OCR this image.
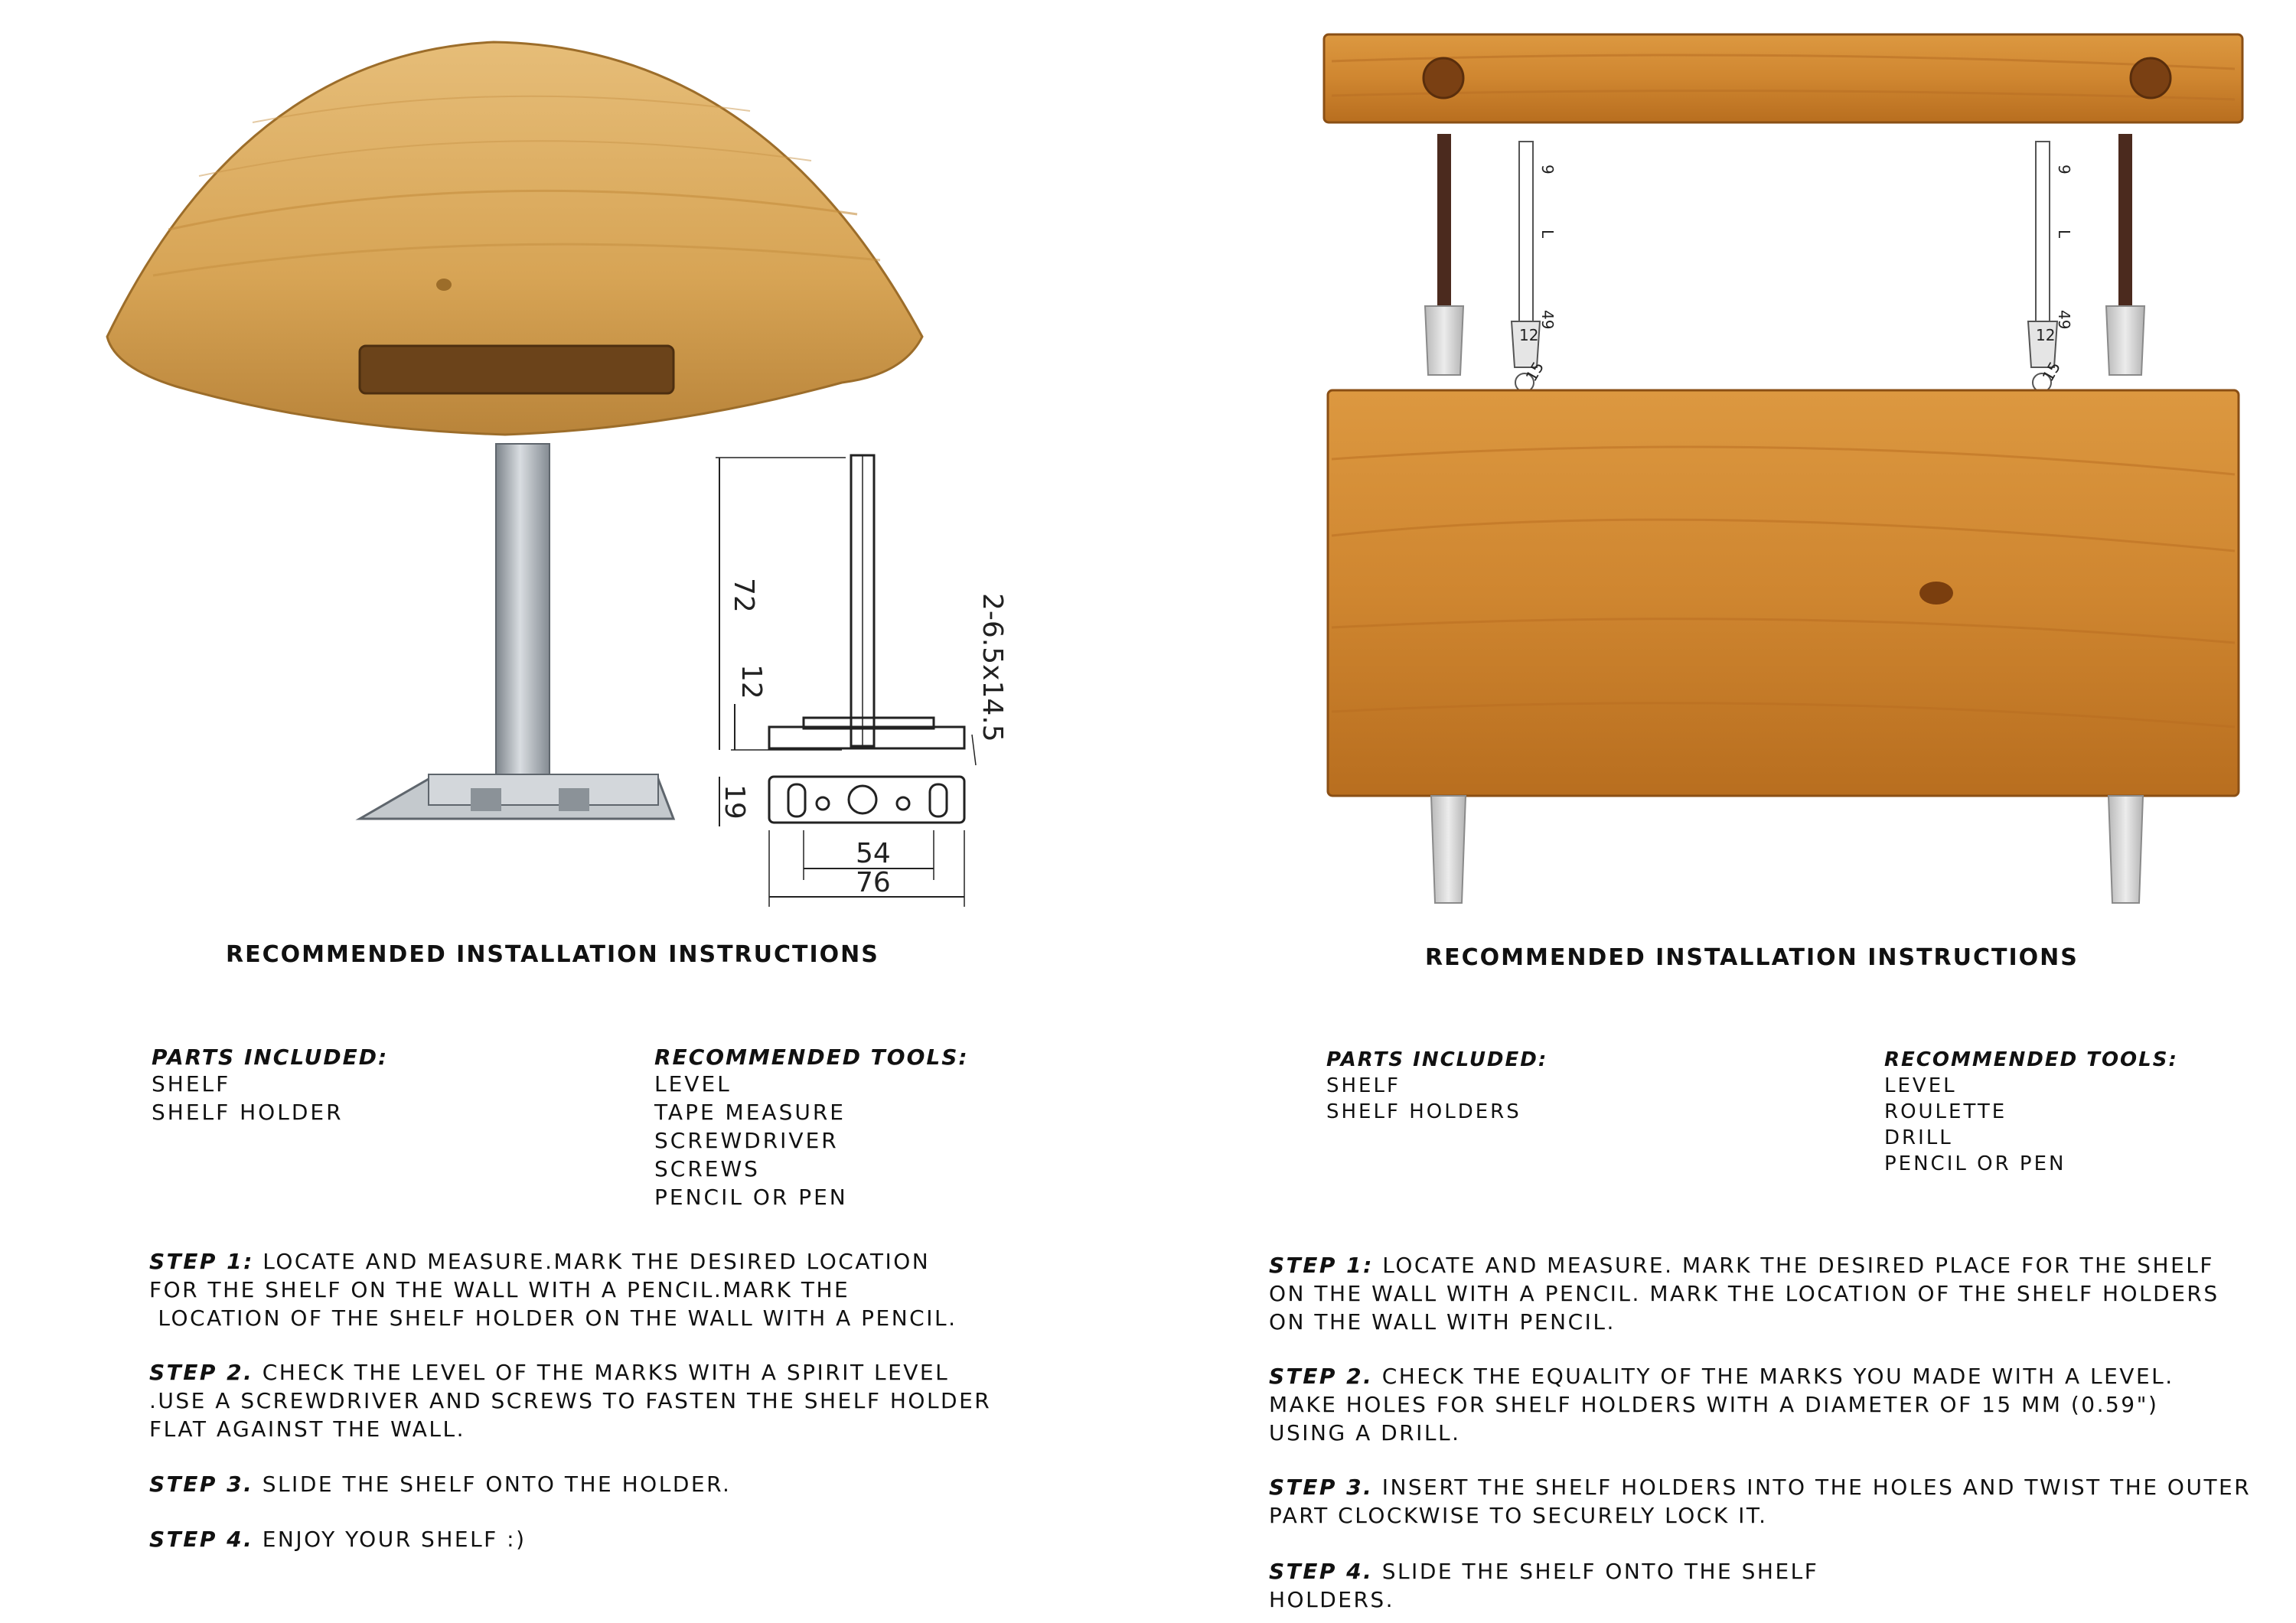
72
12
19
54
76
2-6.5x14.5
9
L
49
12
15
9
L
49
12
15
RECOMMENDED INSTALLATION INSTRUCTIONS
PARTS INCLUDED:
SHELF
SHELF HOLDER
RECOMMENDED TOOLS:
LEVEL
TAPE MEASURE
SCREWDRIVER
SCREWS
PENCIL OR PEN
STEP 1: LOCATE AND MEASURE.MARK THE DESIRED LOCATION
FOR THE SHELF ON THE WALL WITH A PENCIL.MARK THE
LOCATION OF THE SHELF HOLDER ON THE WALL WITH A PENCIL.
STEP 2. CHECK THE LEVEL OF THE MARKS WITH A SPIRIT LEVEL
.USE A SCREWDRIVER AND SCREWS TO FASTEN THE SHELF HOLDER
FLAT AGAINST THE WALL.
STEP 3. SLIDE THE SHELF ONTO THE HOLDER.
STEP 4. ENJOY YOUR SHELF :)
RECOMMENDED INSTALLATION INSTRUCTIONS
PARTS INCLUDED:
SHELF
SHELF HOLDERS
RECOMMENDED TOOLS:
LEVEL
ROULETTE
DRILL
PENCIL OR PEN
STEP 1: LOCATE AND MEASURE. MARK THE DESIRED PLACE FOR THE SHELF
ON THE WALL WITH A PENCIL. MARK THE LOCATION OF THE SHELF HOLDERS
ON THE WALL WITH PENCIL.
STEP 2. CHECK THE EQUALITY OF THE MARKS YOU MADE WITH A LEVEL.
MAKE HOLES FOR SHELF HOLDERS WITH A DIAMETER OF 15 MM (0.59")
USING A DRILL.
STEP 3. INSERT THE SHELF HOLDERS INTO THE HOLES AND TWIST THE OUTER
PART CLOCKWISE TO SECURELY LOCK IT.
STEP 4. SLIDE THE SHELF ONTO THE SHELF
HOLDERS.
